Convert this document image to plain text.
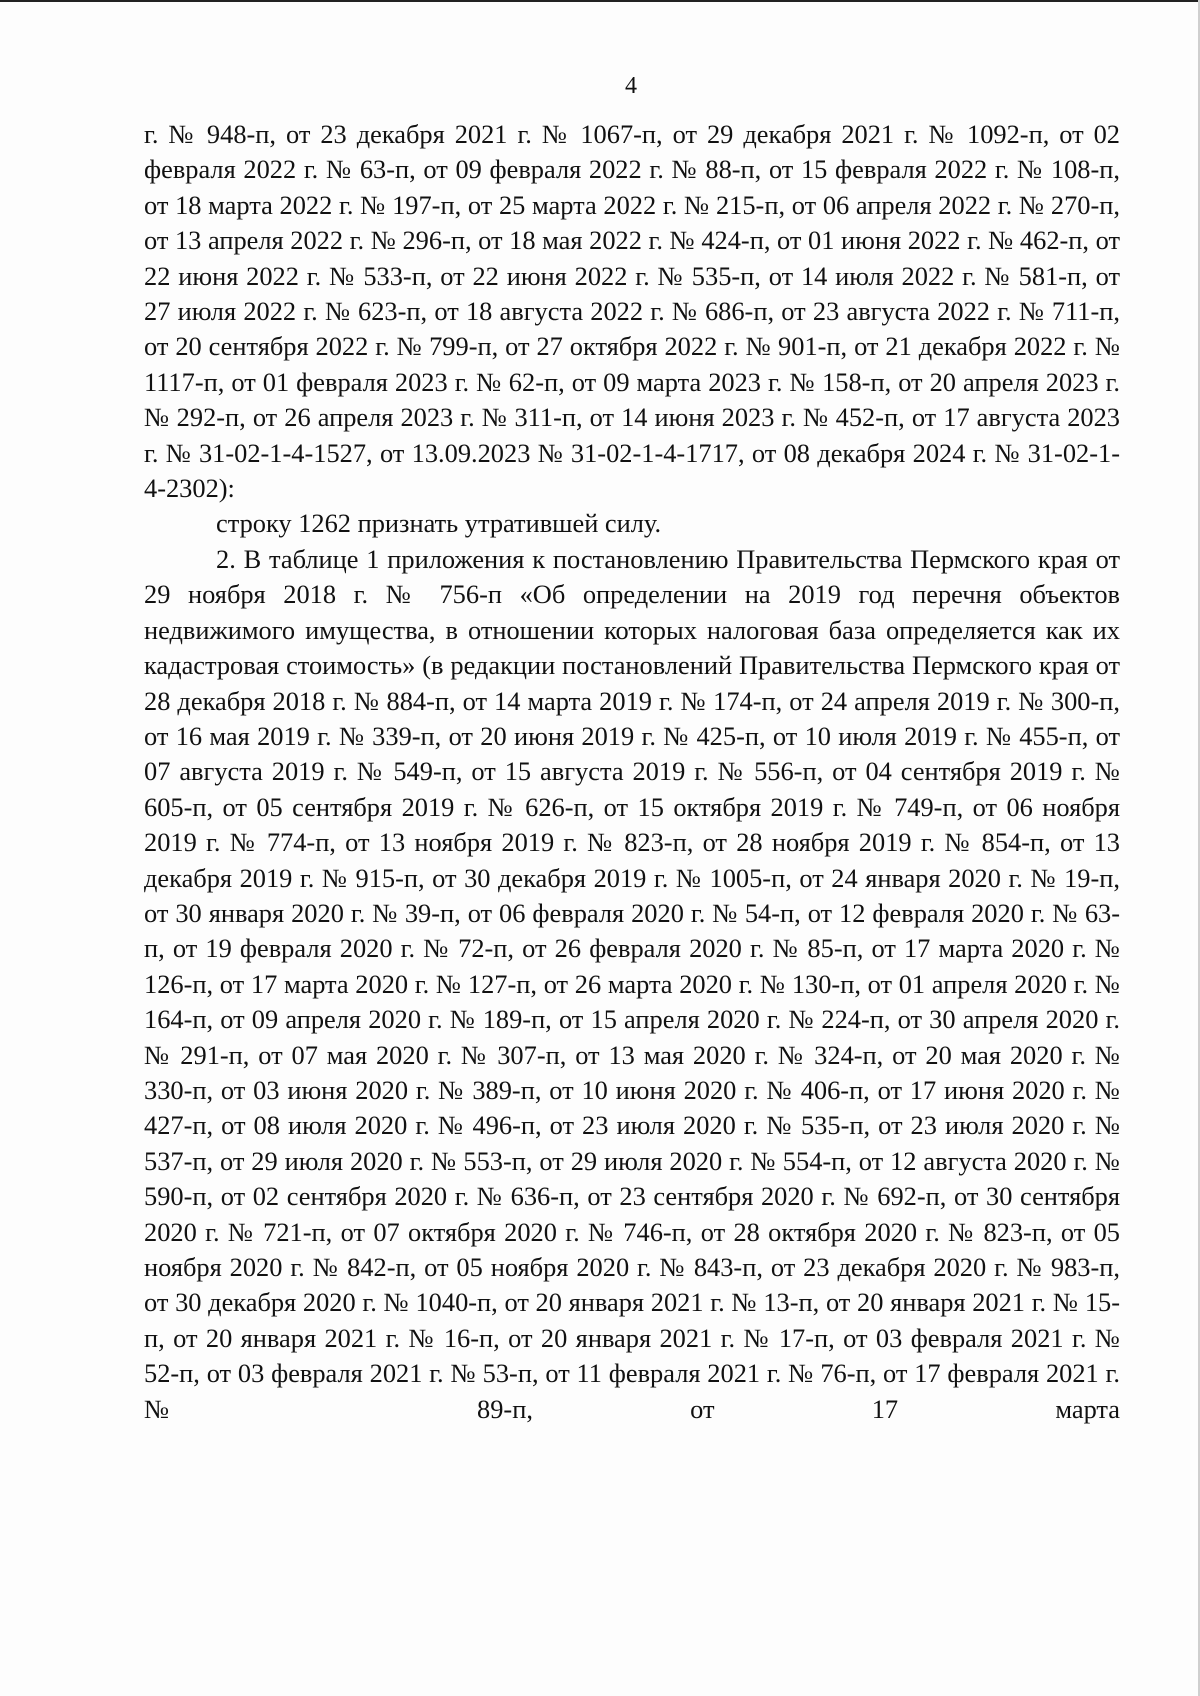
4

г. № 948-п, от 23 декабря 2021 г. № 1067-п, от 29 декабря 2021 г. № 1092-п, от 02 февраля 2022 г. № 63-п, от 09 февраля 2022 г. № 88-п, от 15 февраля 2022 г. № 108-п, от 18 марта 2022 г. № 197-п, от 25 марта 2022 г. № 215-п, от 06 апреля 2022 г. № 270-п, от 13 апреля 2022 г. № 296-п, от 18 мая 2022 г. № 424-п, от 01 июня 2022 г. № 462-п, от 22 июня 2022 г. № 533-п, от 22 июня 2022 г. № 535-п, от 14 июля 2022 г. № 581-п, от 27 июля 2022 г. № 623-п, от 18 августа 2022 г. № 686-п, от 23 августа 2022 г. № 711-п, от 20 сентября 2022 г. № 799-п, от 27 октября 2022 г. № 901-п, от 21 декабря 2022 г. № 1117-п, от 01 февраля 2023 г. № 62-п, от 09 марта 2023 г. № 158-п, от 20 апреля 2023 г. № 292-п, от 26 апреля 2023 г. № 311-п, от 14 июня 2023 г. № 452-п, от 17 августа 2023 г. № 31-02-1-4-1527, от 13.09.2023 № 31-02-1-4-1717, от 08 декабря 2024 г. № 31-02-1-4-2302):

строку 1262 признать утратившей силу.

2. В таблице 1 приложения к постановлению Правительства Пермского края от 29 ноября 2018 г. № 756-п «Об определении на 2019 год перечня объектов недвижимого имущества, в отношении которых налоговая база определяется как их кадастровая стоимость» (в редакции постановлений Правительства Пермского края от 28 декабря 2018 г. № 884-п, от 14 марта 2019 г. № 174-п, от 24 апреля 2019 г. № 300-п, от 16 мая 2019 г. № 339-п, от 20 июня 2019 г. № 425-п, от 10 июля 2019 г. № 455-п, от 07 августа 2019 г. № 549-п, от 15 августа 2019 г. № 556-п, от 04 сентября 2019 г. № 605-п, от 05 сентября 2019 г. № 626-п, от 15 октября 2019 г. № 749-п, от 06 ноября 2019 г. № 774-п, от 13 ноября 2019 г. № 823-п, от 28 ноября 2019 г. № 854-п, от 13 декабря 2019 г. № 915-п, от 30 декабря 2019 г. № 1005-п, от 24 января 2020 г. № 19-п, от 30 января 2020 г. № 39-п, от 06 февраля 2020 г. № 54-п, от 12 февраля 2020 г. № 63-п, от 19 февраля 2020 г. № 72-п, от 26 февраля 2020 г. № 85-п, от 17 марта 2020 г. № 126-п, от 17 марта 2020 г. № 127-п, от 26 марта 2020 г. № 130-п, от 01 апреля 2020 г. № 164-п, от 09 апреля 2020 г. № 189-п, от 15 апреля 2020 г. № 224-п, от 30 апреля 2020 г. № 291-п, от 07 мая 2020 г. № 307-п, от 13 мая 2020 г. № 324-п, от 20 мая 2020 г. № 330-п, от 03 июня 2020 г. № 389-п, от 10 июня 2020 г. № 406-п, от 17 июня 2020 г. № 427-п, от 08 июля 2020 г. № 496-п, от 23 июля 2020 г. № 535-п, от 23 июля 2020 г. № 537-п, от 29 июля 2020 г. № 553-п, от 29 июля 2020 г. № 554-п, от 12 августа 2020 г. № 590-п, от 02 сентября 2020 г. № 636-п, от 23 сентября 2020 г. № 692-п, от 30 сентября 2020 г. № 721-п, от 07 октября 2020 г. № 746-п, от 28 октября 2020 г. № 823-п, от 05 ноября 2020 г. № 842-п, от 05 ноября 2020 г. № 843-п, от 23 декабря 2020 г. № 983-п, от 30 декабря 2020 г. № 1040-п, от 20 января 2021 г. № 13-п, от 20 января 2021 г. № 15-п, от 20 января 2021 г. № 16-п, от 20 января 2021 г. № 17-п, от 03 февраля 2021 г. № 52-п, от 03 февраля 2021 г. № 53-п, от 11 февраля 2021 г. № 76-п, от 17 февраля 2021 г. № 89-п, от 17 марта
